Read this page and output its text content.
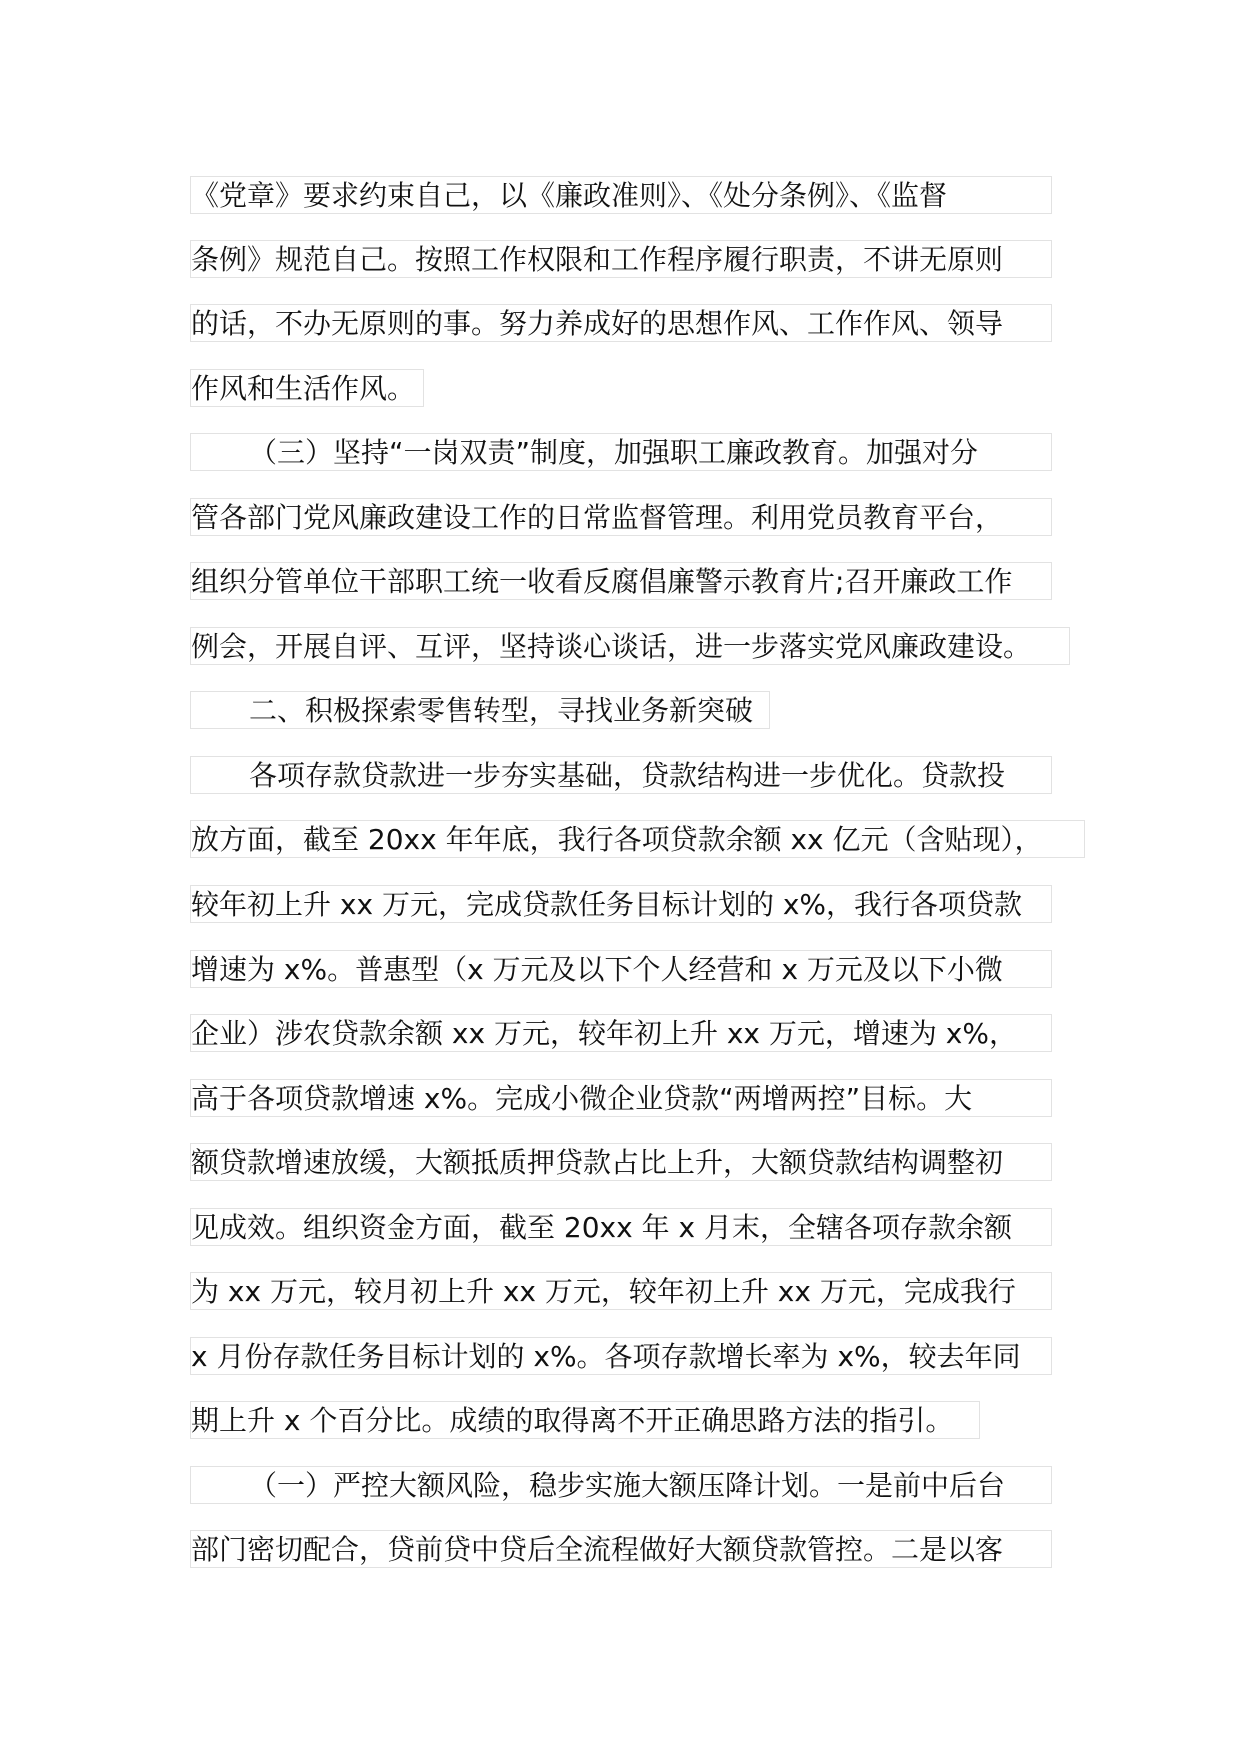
《党章》要求约束自己，以《廉政准则》、《处分条例》、《监督
条例》规范自己。按照工作权限和工作程序履行职责，不讲无原则
的话，不办无原则的事。努力养成好的思想作风、工作作风、领导
作风和生活作风。
（三）坚持“一岗双责”制度，加强职工廉政教育。加强对分
管各部门党风廉政建设工作的日常监督管理。利用党员教育平台，
组织分管单位干部职工统一收看反腐倡廉警示教育片;召开廉政工作
例会，开展自评、互评，坚持谈心谈话，进一步落实党风廉政建设。
二、积极探索零售转型，寻找业务新突破
各项存款贷款进一步夯实基础，贷款结构进一步优化。贷款投
放方面，截至 20xx 年年底，我行各项贷款余额 xx 亿元（含贴现），
较年初上升 xx 万元，完成贷款任务目标计划的 x%，我行各项贷款
增速为 x%。普惠型（x 万元及以下个人经营和 x 万元及以下小微
企业）涉农贷款余额 xx 万元，较年初上升 xx 万元，增速为 x%，
高于各项贷款增速 x%。完成小微企业贷款“两增两控”目标。大
额贷款增速放缓，大额抵质押贷款占比上升，大额贷款结构调整初
见成效。组织资金方面，截至 20xx 年 x 月末，全辖各项存款余额
为 xx 万元，较月初上升 xx 万元，较年初上升 xx 万元，完成我行
x 月份存款任务目标计划的 x%。各项存款增长率为 x%，较去年同
期上升 x 个百分比。成绩的取得离不开正确思路方法的指引。
（一）严控大额风险，稳步实施大额压降计划。一是前中后台
部门密切配合，贷前贷中贷后全流程做好大额贷款管控。二是以客
